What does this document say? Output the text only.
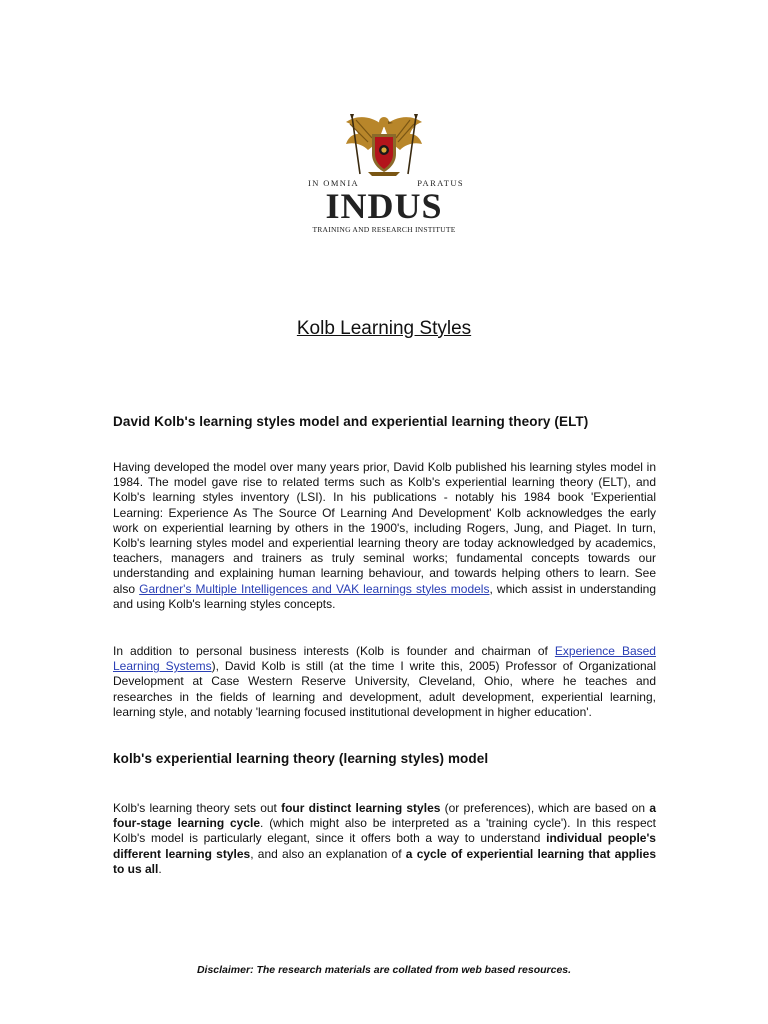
IN OMNIA	PARATUS
INDUS
TRAINING AND RESEARCH INSTITUTE
Kolb Learning Styles
David Kolb's learning styles model and experiential learning theory (ELT)
Having developed the model over many years prior, David Kolb published his learning styles model in 1984. The model gave rise to related terms such as Kolb's experiential learning theory (ELT), and Kolb's learning styles inventory (LSI). In his publications - notably his 1984 book 'Experiential Learning: Experience As The Source Of Learning And Development' Kolb acknowledges the early work on experiential learning by others in the 1900's, including Rogers, Jung, and Piaget. In turn, Kolb's learning styles model and experiential learning theory are today acknowledged by academics, teachers, managers and trainers as truly seminal works; fundamental concepts towards our understanding and explaining human learning behaviour, and towards helping others to learn. See also Gardner's Multiple Intelligences and VAK learnings styles models, which assist in understanding and using Kolb's learning styles concepts.
In addition to personal business interests (Kolb is founder and chairman of Experience Based Learning Systems), David Kolb is still (at the time I write this, 2005) Professor of Organizational Development at Case Western Reserve University, Cleveland, Ohio, where he teaches and researches in the fields of learning and development, adult development, experiential learning, learning style, and notably 'learning focused institutional development in higher education'.
kolb's experiential learning theory (learning styles) model
Kolb's learning theory sets out four distinct learning styles (or preferences), which are based on a four-stage learning cycle. (which might also be interpreted as a 'training cycle'). In this respect Kolb's model is particularly elegant, since it offers both a way to understand individual people's different learning styles, and also an explanation of a cycle of experiential learning that applies to us all.
Disclaimer: The research materials are collated from web based resources.
